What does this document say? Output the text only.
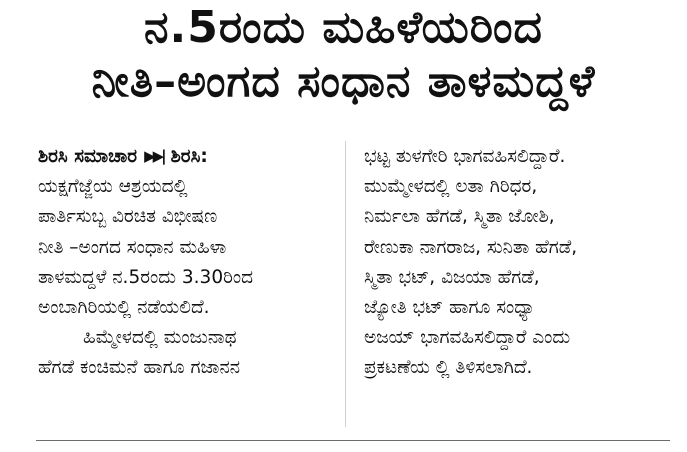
ನ.5ರಂದು ಮಹಿಳೆಯರಿಂದ
ನೀತಿ–ಅಂಗದ ಸಂಧಾನ ತಾಳಮದ್ದಳೆ
ಶಿರಸಿ ಸಮಾಚಾರ ▶▶| ಶಿರಸಿ:
ಯಕ್ಷಗೆಜ್ಜೆಯ ಆಶ್ರಯದಲ್ಲಿ
ಪಾರ್ತಿಸುಬ್ಬ ವಿರಚಿತ ವಿಭೀಷಣ
ನೀತಿ –ಅಂಗದ ಸಂಧಾನ ಮಹಿಳಾ
ತಾಳಮದ್ದಳೆ ನ.5ರಂದು 3.30ರಿಂದ
ಅಂಬಾಗಿರಿಯಲ್ಲಿ ನಡೆಯಲಿದೆ.
ಹಿಮ್ಮೇಳದಲ್ಲಿ ಮಂಜುನಾಥ
ಹೆಗಡೆ ಕಂಚಿಮನೆ ಹಾಗೂ ಗಜಾನನ
ಭಟ್ಟ ತುಳಗೇರಿ ಭಾಗವಹಿಸಲಿದ್ದಾರೆ.
ಮುಮ್ಮೇಳದಲ್ಲಿ ಲತಾ ಗಿರಿಧರ,
ನಿರ್ಮಲಾ ಹೆಗಡೆ, ಸ್ಮಿತಾ ಜೋಶಿ,
ರೇಣುಕಾ ನಾಗರಾಜ, ಸುನಿತಾ ಹೆಗಡೆ,
ಸ್ಮಿತಾ ಭಟ್, ವಿಜಯಾ ಹೆಗಡೆ,
ಜ್ಯೋತಿ ಭಟ್ ಹಾಗೂ ಸಂಧ್ಯಾ
ಅಜಯ್ ಭಾಗವಹಿಸಲಿದ್ದಾರೆ ಎಂದು
ಪ್ರಕಟಣೆಯ ಲ್ಲಿ ತಿಳಿಸಲಾಗಿದೆ.
